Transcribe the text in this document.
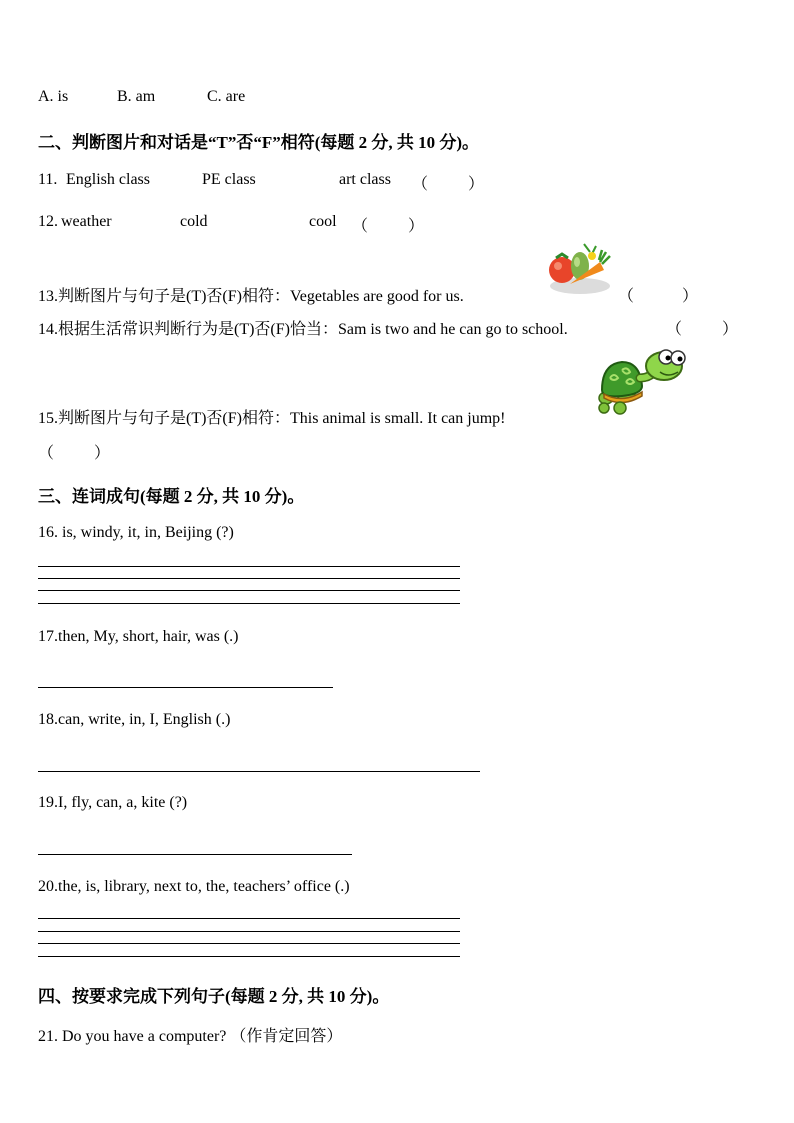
A. is	B. am	C. are
二、判断图片和对话是“T”否“F”相符(每题 2 分, 共 10 分)。
11. English class	PE class	art class （          ）
12. weather	cold	cool （          ）
13.判断图片与句子是(T)否(F)相符：Vegetables are good for us.	（            ）
14.根据生活常识判断行为是(T)否(F)恰当：Sam is two and he can go to school.	（          ）
15.判断图片与句子是(T)否(F)相符：This animal is small. It can jump!
（          ）
三、连词成句(每题 2 分, 共 10 分)。
16. is, windy, it, in, Beijing (?)
17.then, My, short, hair, was (.)
18.can, write, in, I, English (.)
19.I, fly, can, a, kite (?)
20.the, is, library, next to, the, teachers’ office (.)
四、按要求完成下列句子(每题 2 分, 共 10 分)。
21. Do you have a computer? （作肯定回答）
